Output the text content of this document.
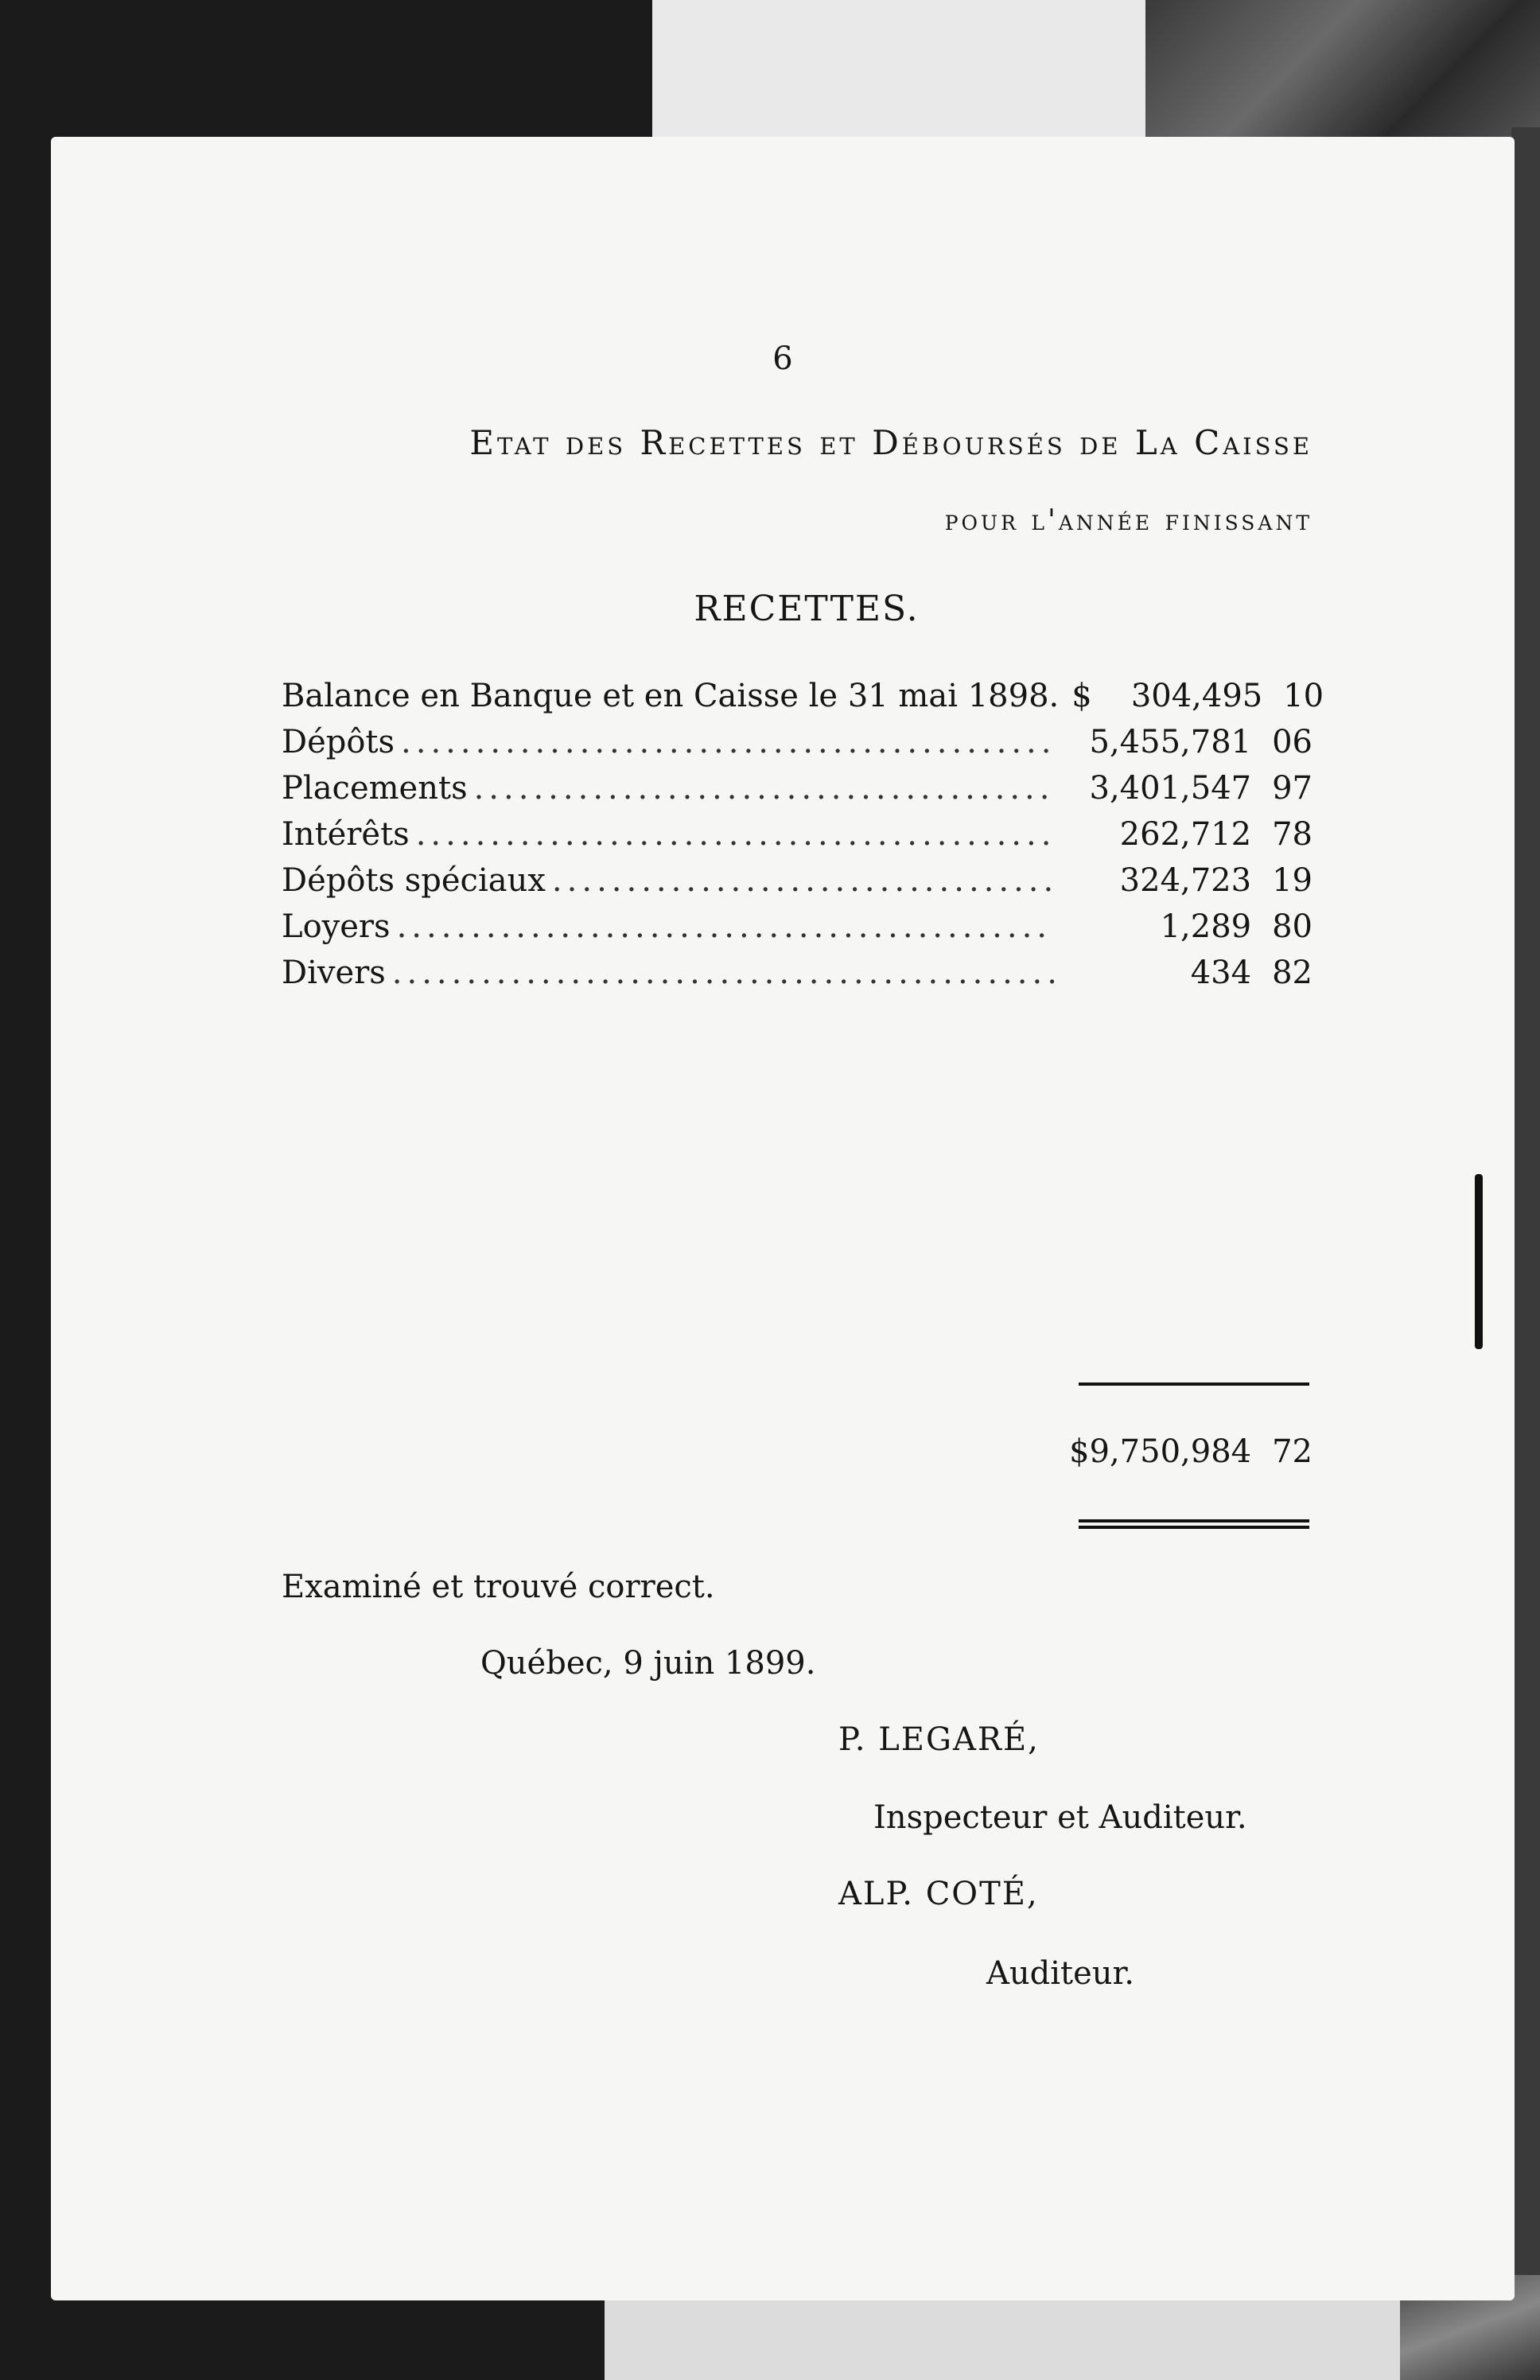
6
Etat des Recettes et Déboursés de La Caisse
pour l'année finissant
RECETTES.
Balance en Banque et en Caisse le 31 mai 1898. $	304,495 10
Dépôts .....	5,455,781 06
Placements .....	3,401,547 97
Intérêts .....	262,712 78
Dépôts spéciaux .....	324,723 19
Loyers .....	1,289 80
Divers .....	434 82
$9,750,984 72
Examiné et trouvé correct.
Québec, 9 juin 1899.
P. LEGARÉ,
Inspecteur et Auditeur.
ALP. COTÉ,
Auditeur.
